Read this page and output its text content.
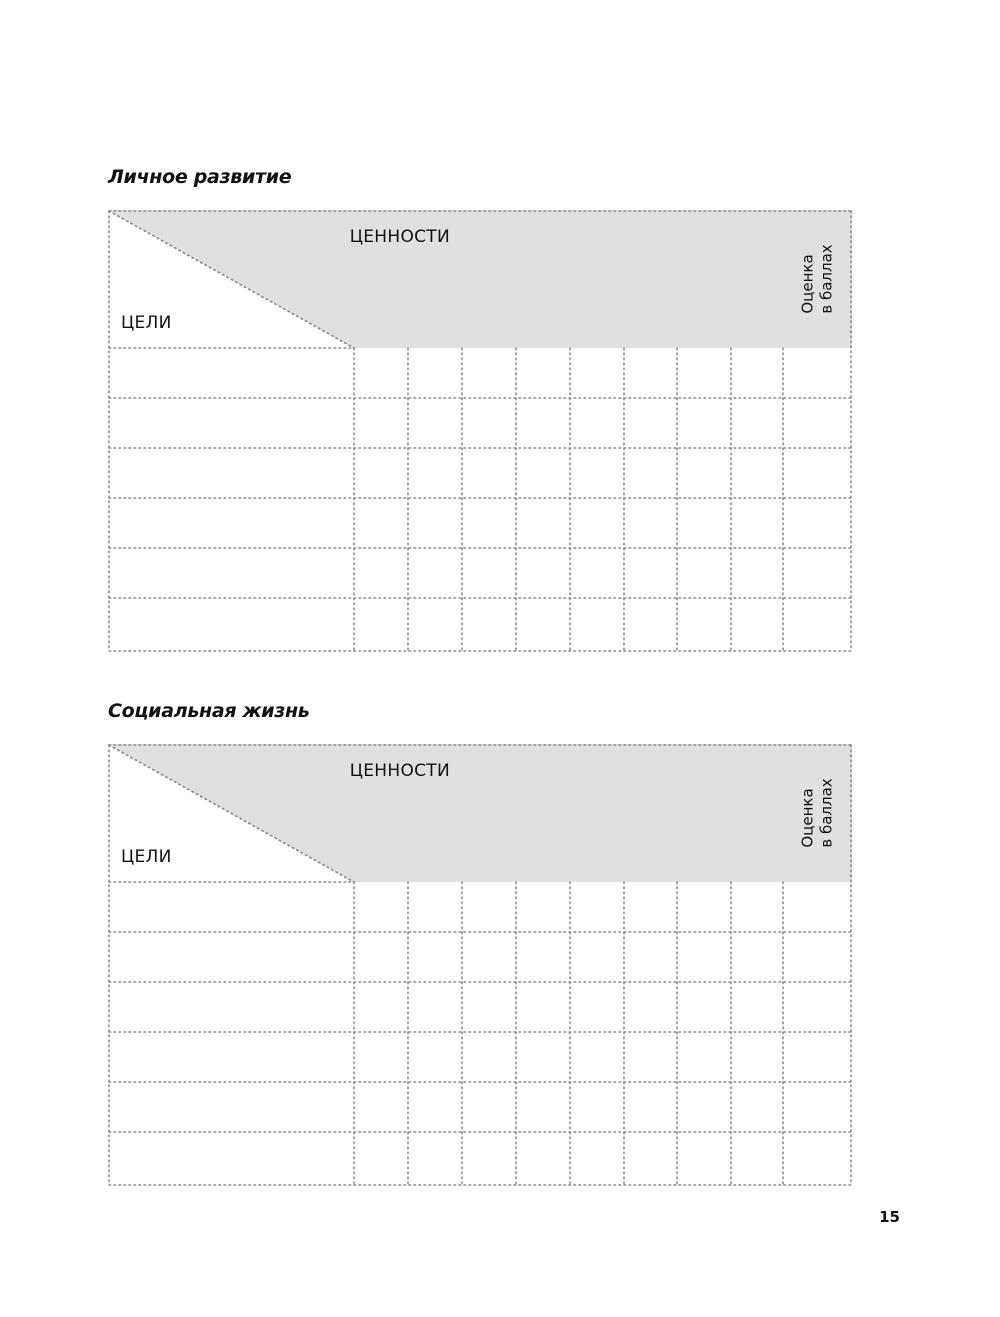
Личное развитие
ЦЕННОСТИ
ЦЕЛИ
Оценка в баллах
Социальная жизнь
ЦЕННОСТИ
ЦЕЛИ
Оценка в баллах
15
